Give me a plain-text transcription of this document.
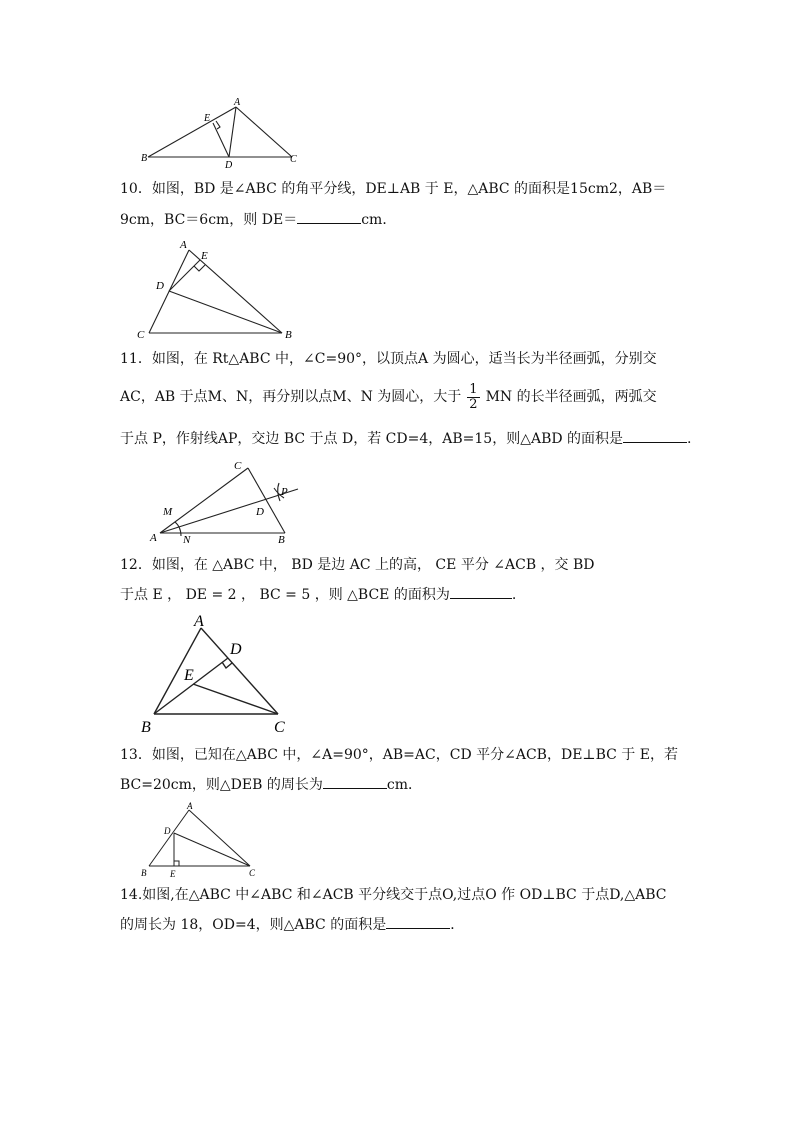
A
B	C
D
E
10．如图，BD 是∠ABC 的角平分线，DE⊥AB 于 E，△ABC 的面积是15cm2，AB＝
9cm，BC＝6cm，则 DE＝	cm．
A
E
D
C	B
11．如图，在 Rt△ABC 中，∠C=90°，以顶点A 为圆心，适当长为半径画弧，分别交
AC，AB 于点M、N，再分别以点M、N 为圆心，大于 $\frac{1}{2}$ MN 的长半径画弧，两弧交
于点 P，作射线AP，交边 BC 于点 D，若 CD=4，AB=15，则△ABD 的面积是	.
P
C
D
M
A N	B
12．如图，在 △ABC 中， BD 是边 AC 上的高， CE 平分 ∠ACB ，交 BD
于点 E ， DE = 2 ， BC = 5 ，则 △BCE 的面积为	.
A
D
E
B	C
13．如图，已知在△ABC 中，∠A=90°，AB=AC，CD 平分∠ACB，DE⊥BC 于 E，若
BC=20cm，则△DEB 的周长为	cm．
A
D
B	E	C
14.如图,在△ABC 中∠ABC 和∠ACB 平分线交于点O,过点O 作 OD⊥BC 于点D,△ABC
的周长为 18，OD=4，则△ABC 的面积是	．
